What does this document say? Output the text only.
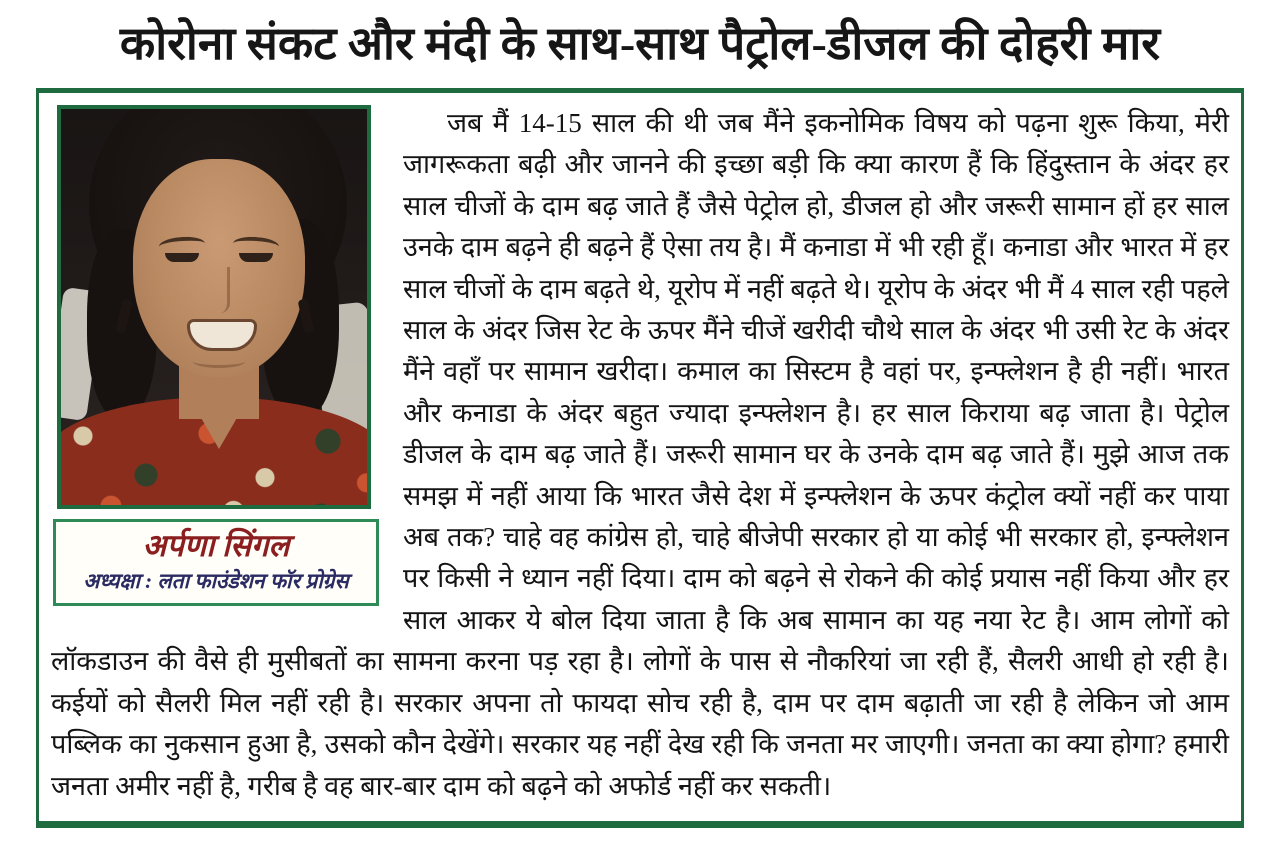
कोरोना संकट और मंदी के साथ-साथ पैट्रोल-डीजल की दोहरी मार
अर्पणा सिंगल
अध्यक्षा : लता फाउंडेशन फॉर प्रोग्रेस

जब मैं 14-15 साल की थी जब मैंने इकनोमिक विषय को पढ़ना शुरू किया, मेरी जागरूकता बढ़ी और जानने की इच्छा बड़ी कि क्या कारण हैं कि हिंदुस्तान के अंदर हर साल चीजों के दाम बढ़ जाते हैं जैसे पेट्रोल हो, डीजल हो और जरूरी सामान हों हर साल उनके दाम बढ़ने ही बढ़ने हैं ऐसा तय है। मैं कनाडा में भी रही हूँ। कनाडा और भारत में हर साल चीजों के दाम बढ़ते थे, यूरोप में नहीं बढ़ते थे। यूरोप के अंदर भी मैं 4 साल रही पहले साल के अंदर जिस रेट के ऊपर मैंने चीजें खरीदी चौथे साल के अंदर भी उसी रेट के अंदर मैंने वहाँ पर सामान खरीदा। कमाल का सिस्टम है वहां पर, इन्फ्लेशन है ही नहीं। भारत और कनाडा के अंदर बहुत ज्यादा इन्फ्लेशन है। हर साल किराया बढ़ जाता है। पेट्रोल डीजल के दाम बढ़ जाते हैं। जरूरी सामान घर के उनके दाम बढ़ जाते हैं। मुझे आज तक समझ में नहीं आया कि भारत जैसे देश में इन्फ्लेशन के ऊपर कंट्रोल क्यों नहीं कर पाया अब तक? चाहे वह कांग्रेस हो, चाहे बीजेपी सरकार हो या कोई भी सरकार हो, इन्फ्लेशन पर किसी ने ध्यान नहीं दिया। दाम को बढ़ने से रोकने की कोई प्रयास नहीं किया और हर साल आकर ये बोल दिया जाता है कि अब सामान का यह नया रेट है। आम लोगों को लॉकडाउन की वैसे ही मुसीबतों का सामना करना पड़ रहा है। लोगों के पास से नौकरियां जा रही हैं, सैलरी आधी हो रही है। कईयों को सैलरी मिल नहीं रही है। सरकार अपना तो फायदा सोच रही है, दाम पर दाम बढ़ाती जा रही है लेकिन जो आम पब्लिक का नुकसान हुआ है, उसको कौन देखेंगे। सरकार यह नहीं देख रही कि जनता मर जाएगी। जनता का क्या होगा? हमारी जनता अमीर नहीं है, गरीब है वह बार-बार दाम को बढ़ने को अफोर्ड नहीं कर सकती।
